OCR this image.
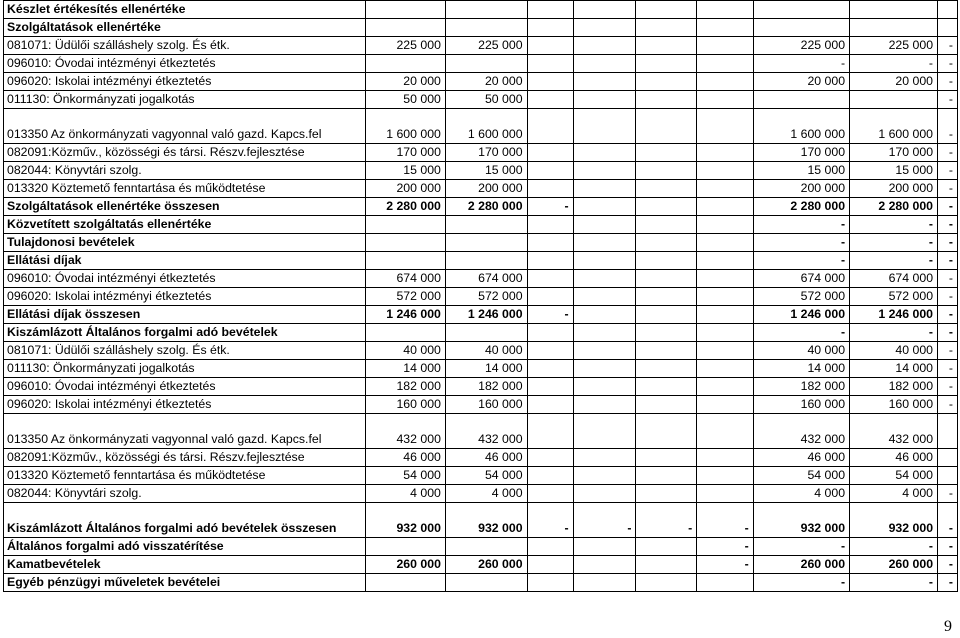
Készlet értékesítés ellenértéke									
Szolgáltatások ellenértéke									
081071: Üdülői szálláshely szolg. És étk.	225 000	225 000					225 000	225 000	-
096010: Óvodai intézményi étkeztetés							-	-	-
096020: Iskolai intézményi étkeztetés	20 000	20 000					20 000	20 000	-
011130: Önkormányzati jogalkotás	50 000	50 000							-
013350 Az önkormányzati vagyonnal való gazd. Kapcs.fel	1 600 000	1 600 000					1 600 000	1 600 000	-
082091:Közműv., közösségi és társi. Részv.fejlesztése	170 000	170 000					170 000	170 000	-
082044: Könyvtári szolg.	15 000	15 000					15 000	15 000	-
013320 Köztemető fenntartása és működtetése	200 000	200 000					200 000	200 000	-
Szolgáltatások ellenértéke összesen	2 280 000	2 280 000	-				2 280 000	2 280 000	-
Közvetített szolgáltatás ellenértéke							-	-	-
Tulajdonosi bevételek							-	-	-
Ellátási díjak							-	-	-
096010: Óvodai intézményi étkeztetés	674 000	674 000					674 000	674 000	-
096020: Iskolai intézményi étkeztetés	572 000	572 000					572 000	572 000	-
Ellátási díjak összesen	1 246 000	1 246 000	-				1 246 000	1 246 000	-
Kiszámlázott Általános forgalmi adó bevételek							-	-	-
081071: Üdülői szálláshely szolg. És étk.	40 000	40 000					40 000	40 000	-
011130: Önkormányzati jogalkotás	14 000	14 000					14 000	14 000	-
096010: Óvodai intézményi étkeztetés	182 000	182 000					182 000	182 000	-
096020: Iskolai intézményi étkeztetés	160 000	160 000					160 000	160 000	-
013350 Az önkormányzati vagyonnal való gazd. Kapcs.fel	432 000	432 000					432 000	432 000	
082091:Közműv., közösségi és társi. Részv.fejlesztése	46 000	46 000					46 000	46 000	
013320 Köztemető fenntartása és működtetése	54 000	54 000					54 000	54 000	
082044: Könyvtári szolg.	4 000	4 000					4 000	4 000	-
Kiszámlázott Általános forgalmi adó bevételek összesen	932 000	932 000	-	-	-	-	932 000	932 000	-
Általános forgalmi adó visszatérítése						-	-	-	-
Kamatbevételek	260 000	260 000				-	260 000	260 000	-
Egyéb pénzügyi műveletek bevételei							-	-	-
9
